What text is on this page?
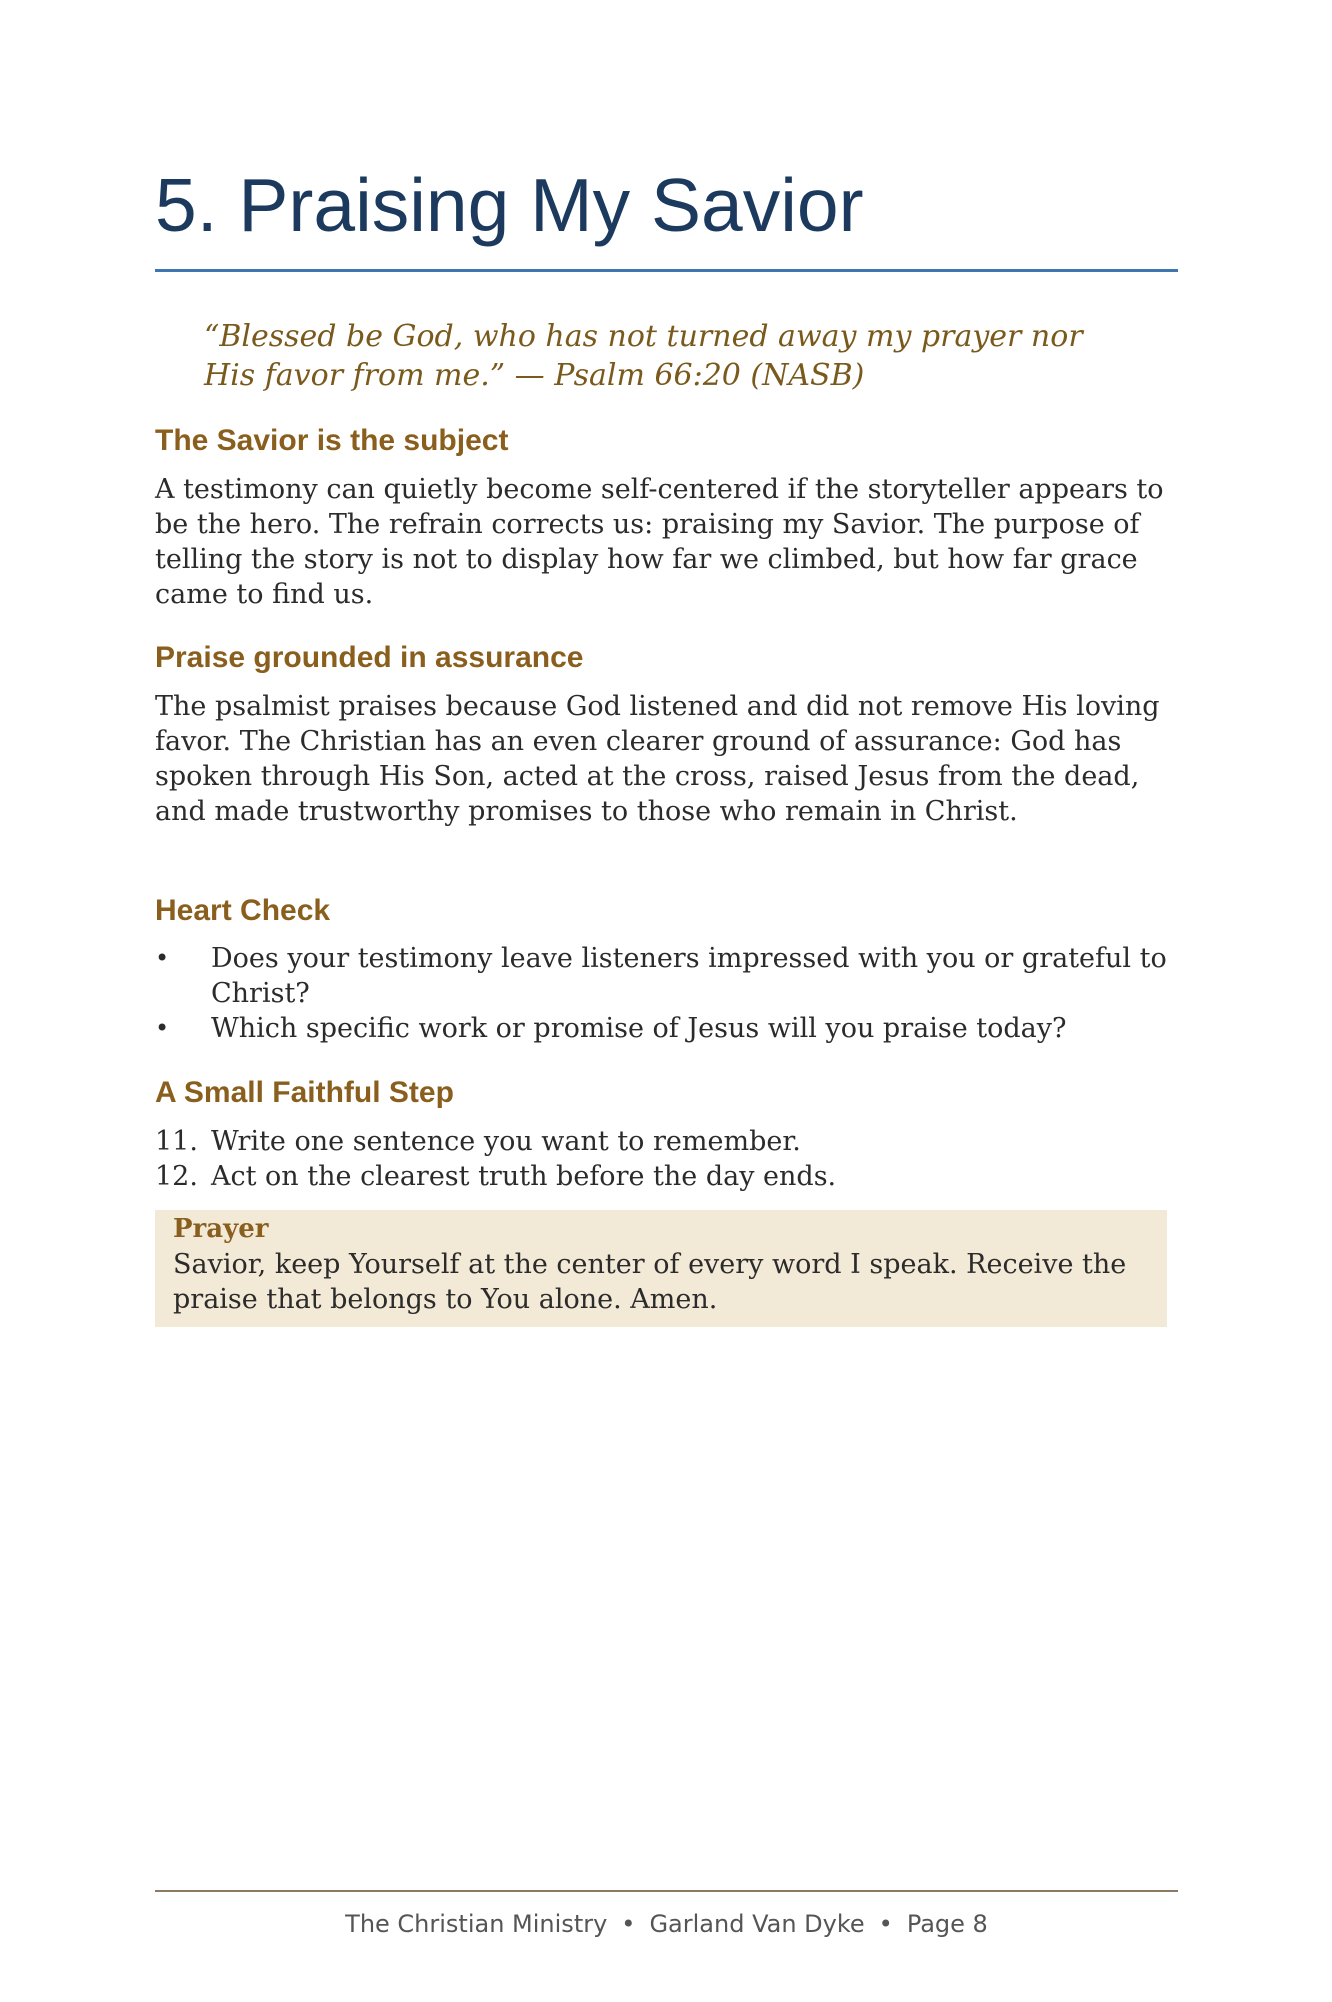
5. Praising My Savior

“Blessed be God, who has not turned away my prayer nor
His favor from me.” — Psalm 66:20 (NASB)

The Savior is the subject

A testimony can quietly become self-centered if the storyteller appears to be the hero. The refrain corrects us: praising my Savior. The purpose of telling the story is not to display how far we climbed, but how far grace came to find us.

Praise grounded in assurance

The psalmist praises because God listened and did not remove His loving favor. The Christian has an even clearer ground of assurance: God has spoken through His Son, acted at the cross, raised Jesus from the dead, and made trustworthy promises to those who remain in Christ.

Heart Check
• Does your testimony leave listeners impressed with you or grateful to Christ?
• Which specific work or promise of Jesus will you praise today?
A Small Faithful Step
11. Write one sentence you want to remember.
12. Act on the clearest truth before the day ends.
Prayer
Savior, keep Yourself at the center of every word I speak. Receive the praise that belongs to You alone. Amen.
The Christian Ministry • Garland Van Dyke • Page 8
